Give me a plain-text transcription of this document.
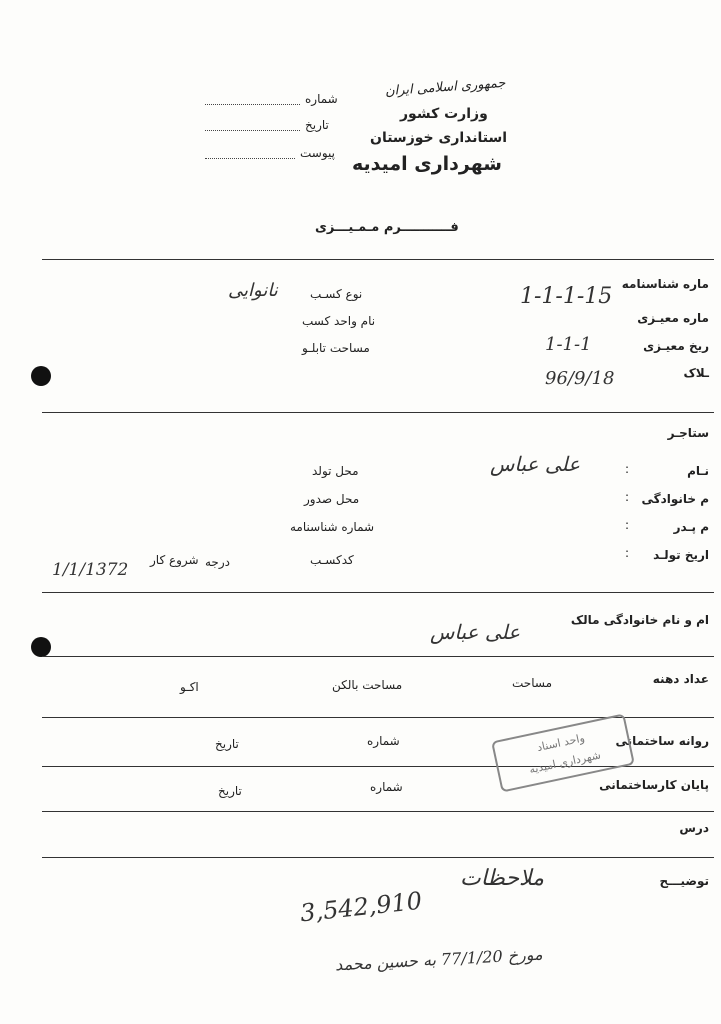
جمهوری اسلامی ایران
وزارت کشور
استانداری خوزستان
شهرداری امیدیه
شماره
تاریخ
پیوست
فـــــــــــرم مـمـيـــزى
ماره شناسنامه
ماره معیـزی
ریخ معیـزی
ـلاک
نوع کسـب
نام واحد کسب
مساحت تابلـو
نانوایی	1-1-1-15
1-1-1
96/9/18
ستاجـر
نـام
م خانوادگی
م پـدر
اریخ تولـد
:
:
:
:
محل تولد
محل صدور
شماره شناسنامه
کدکسـب
درجه
شروع کار
علی عباس
1/1/1372
ام و نام خانوادگی مالک
علی عباس
عداد دهنه
مساحت
مساحت بالکن
اکـو
روانه ساختمانی
شماره
تاریخ
پایان کارساختمانی
شماره
تاریخ
واحد اسناد
شهرداری امیدیه
درس
توضیـــح
ملاحظات
3,542,910
مورخ 77/1/20 به حسین محمد
